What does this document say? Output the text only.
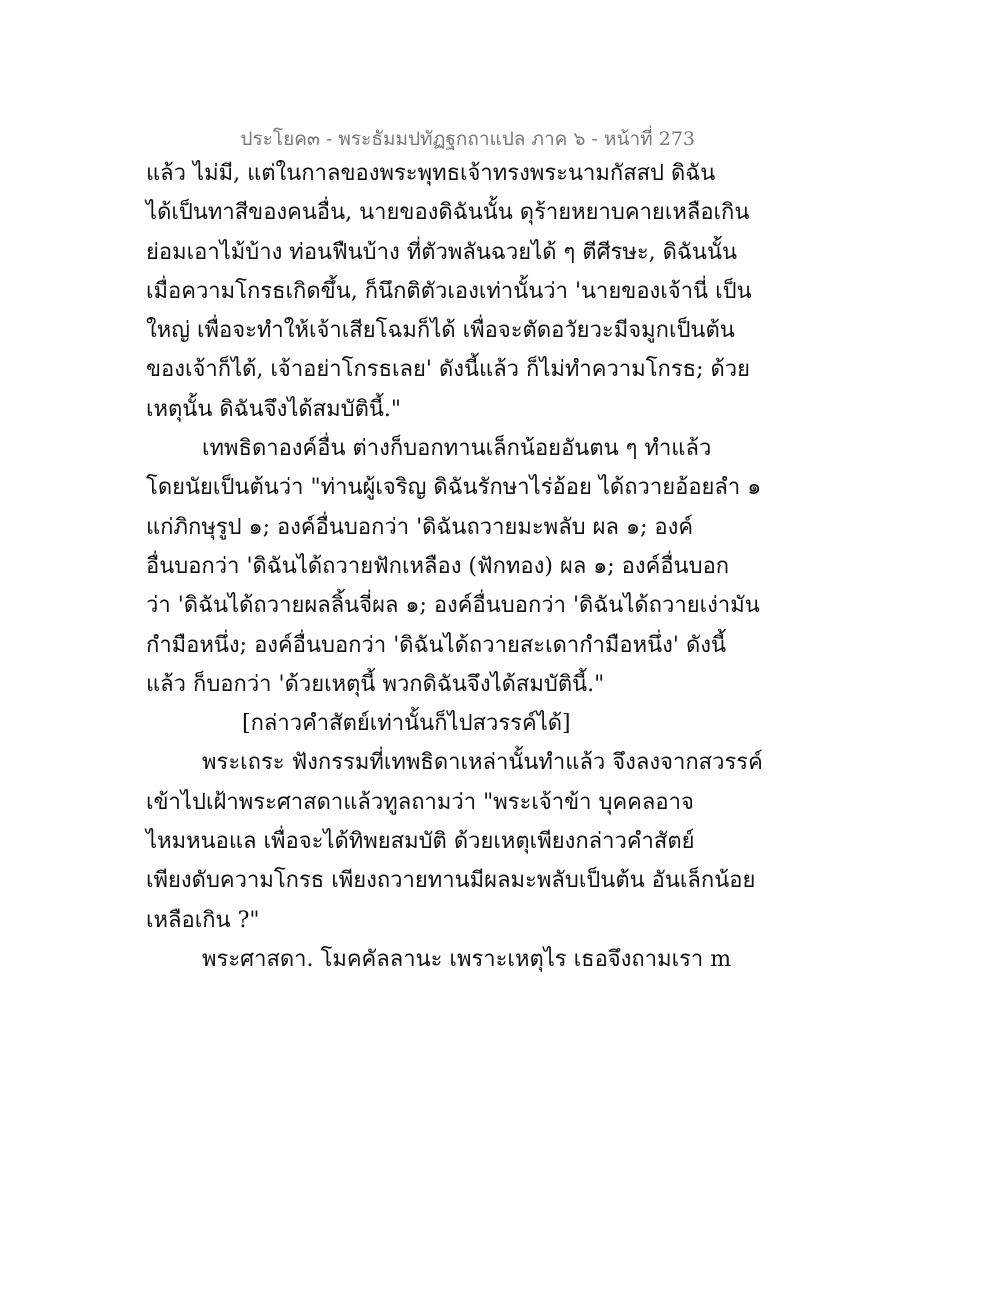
ประโยค๓ - พระธัมมปทัฏฐกถาแปล ภาค ๖ - หน้าที่ 273
แล้ว ไม่มี, แต่ในกาลของพระพุทธเจ้าทรงพระนามกัสสป ดิฉัน
ได้เป็นทาสีของคนอื่น, นายของดิฉันนั้น ดุร้ายหยาบคายเหลือเกิน
ย่อมเอาไม้บ้าง ท่อนฟืนบ้าง ที่ตัวพลันฉวยได้ ๆ ตีศีรษะ, ดิฉันนั้น
เมื่อความโกรธเกิดขึ้น, ก็นึกติตัวเองเท่านั้นว่า 'นายของเจ้านี่ เป็น
ใหญ่ เพื่อจะทำให้เจ้าเสียโฉมก็ได้ เพื่อจะตัดอวัยวะมีจมูกเป็นต้น
ของเจ้าก็ได้, เจ้าอย่าโกรธเลย' ดังนี้แล้ว ก็ไม่ทำความโกรธ; ด้วย
เหตุนั้น ดิฉันจึงได้สมบัตินี้."
เทพธิดาองค์อื่น ต่างก็บอกทานเล็กน้อยอันตน ๆ ทำแล้ว
โดยนัยเป็นต้นว่า "ท่านผู้เจริญ ดิฉันรักษาไร่อ้อย ได้ถวายอ้อยลำ ๑
แก่ภิกษุรูป ๑; องค์อื่นบอกว่า 'ดิฉันถวายมะพลับ ผล ๑; องค์
อื่นบอกว่า 'ดิฉันได้ถวายฟักเหลือง (ฟักทอง) ผล ๑; องค์อื่นบอก
ว่า 'ดิฉันได้ถวายผลลิ้นจี่ผล ๑; องค์อื่นบอกว่า 'ดิฉันได้ถวายเง่ามัน
กำมือหนึ่ง; องค์อื่นบอกว่า 'ดิฉันได้ถวายสะเดากำมือหนึ่ง' ดังนี้
แล้ว ก็บอกว่า 'ด้วยเหตุนี้ พวกดิฉันจึงได้สมบัตินี้."
[กล่าวคำสัตย์เท่านั้นก็ไปสวรรค์ได้]
พระเถระ ฟังกรรมที่เทพธิดาเหล่านั้นทำแล้ว จึงลงจากสวรรค์
เข้าไปเฝ้าพระศาสดาแล้วทูลถามว่า "พระเจ้าข้า บุคคลอาจ
ไหมหนอแล เพื่อจะได้ทิพยสมบัติ ด้วยเหตุเพียงกล่าวคำสัตย์
เพียงดับความโกรธ เพียงถวายทานมีผลมะพลับเป็นต้น อันเล็กน้อย
เหลือเกิน ?"
พระศาสดา. โมคคัลลานะ เพราะเหตุไร เธอจึงถามเรา m
